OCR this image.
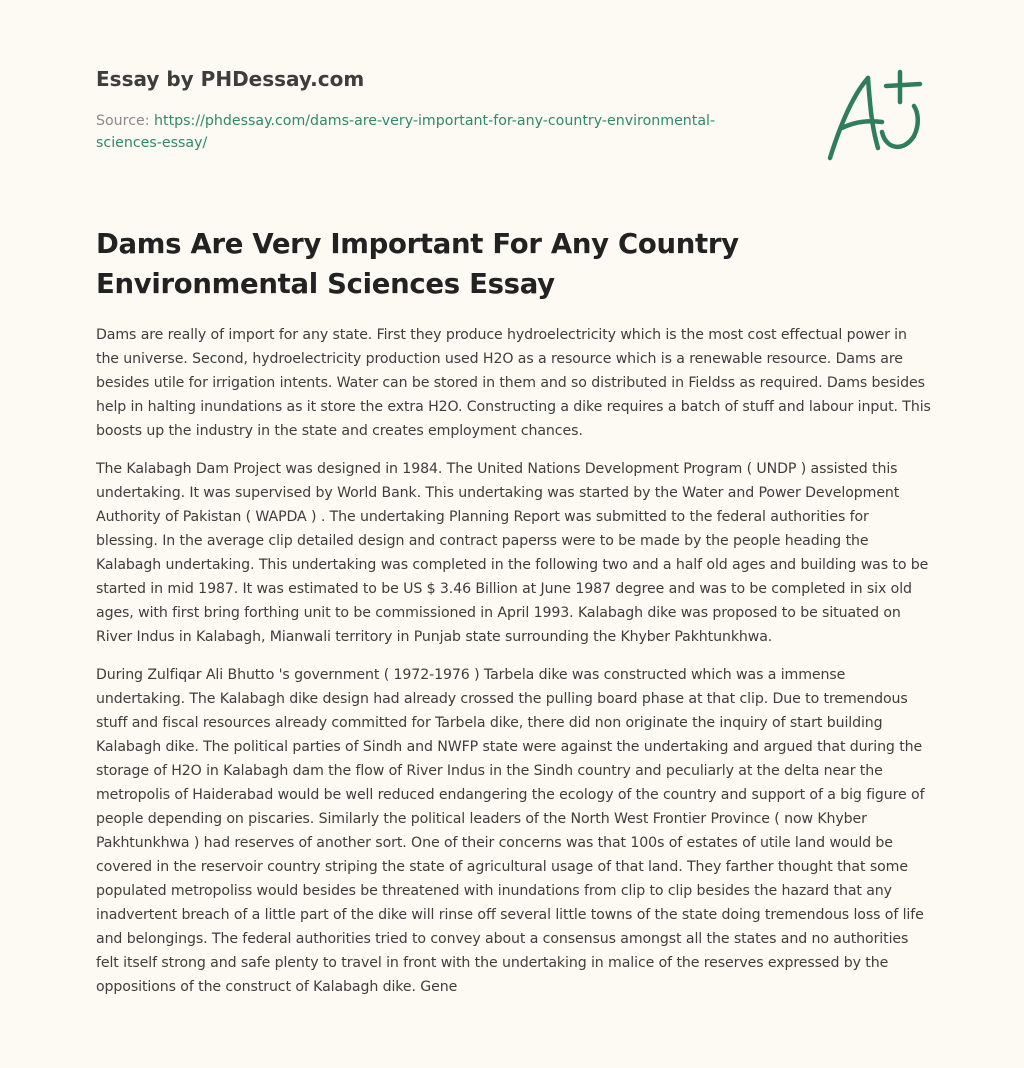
Essay by PHDessay.com
Source: https://phdessay.com/dams-are-very-important-for-any-country-environmental-sciences-essay/
Dams Are Very Important For Any Country Environmental Sciences Essay

Dams are really of import for any state. First they produce hydroelectricity which is the most cost effectual power in the universe. Second, hydroelectricity production used H2O as a resource which is a renewable resource. Dams are besides utile for irrigation intents. Water can be stored in them and so distributed in Fieldss as required. Dams besides help in halting inundations as it store the extra H2O. Constructing a dike requires a batch of stuff and labour input. This boosts up the industry in the state and creates employment chances.

The Kalabagh Dam Project was designed in 1984. The United Nations Development Program ( UNDP ) assisted this undertaking. It was supervised by World Bank. This undertaking was started by the Water and Power Development Authority of Pakistan ( WAPDA ) . The undertaking Planning Report was submitted to the federal authorities for blessing. In the average clip detailed design and contract paperss were to be made by the people heading the Kalabagh undertaking. This undertaking was completed in the following two and a half old ages and building was to be started in mid 1987. It was estimated to be US $ 3.46 Billion at June 1987 degree and was to be completed in six old ages, with first bring forthing unit to be commissioned in April 1993. Kalabagh dike was proposed to be situated on River Indus in Kalabagh, Mianwali territory in Punjab state surrounding the Khyber Pakhtunkhwa.

During Zulfiqar Ali Bhutto 's government ( 1972-1976 ) Tarbela dike was constructed which was a immense undertaking. The Kalabagh dike design had already crossed the pulling board phase at that clip. Due to tremendous stuff and fiscal resources already committed for Tarbela dike, there did non originate the inquiry of start building Kalabagh dike. The political parties of Sindh and NWFP state were against the undertaking and argued that during the storage of H2O in Kalabagh dam the flow of River Indus in the Sindh country and peculiarly at the delta near the metropolis of Haiderabad would be well reduced endangering the ecology of the country and support of a big figure of people depending on piscaries. Similarly the political leaders of the North West Frontier Province ( now Khyber Pakhtunkhwa ) had reserves of another sort. One of their concerns was that 100s of estates of utile land would be covered in the reservoir country striping the state of agricultural usage of that land. They farther thought that some populated metropoliss would besides be threatened with inundations from clip to clip besides the hazard that any inadvertent breach of a little part of the dike will rinse off several little towns of the state doing tremendous loss of life and belongings. The federal authorities tried to convey about a consensus amongst all the states and no authorities felt itself strong and safe plenty to travel in front with the undertaking in malice of the reserves expressed by the oppositions of the construct of Kalabagh dike. Gene
